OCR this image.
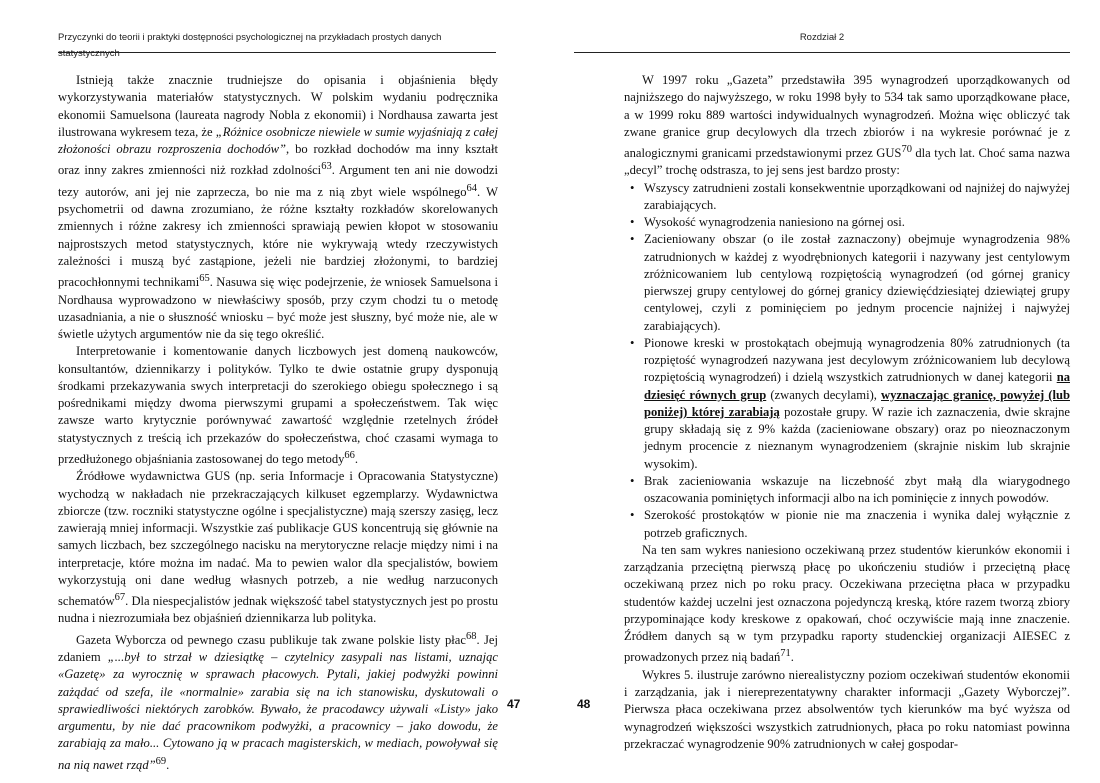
Przyczynki do teorii i praktyki dostępności psychologicznej na przykładach prostych danych statystycznych

Istnieją także znacznie trudniejsze do opisania i objaśnienia błędy wykorzystywania materiałów statystycznych. W polskim wydaniu podręcznika ekonomii Samuelsona (laureata nagrody Nobla z ekonomii) i Nordhausa zawarta jest ilustrowana wykresem teza, że „Różnice osobnicze niewiele w sumie wyjaśniają z całej złożoności obrazu rozproszenia dochodów”, bo rozkład dochodów ma inny kształt oraz inny zakres zmienności niż rozkład zdolności$^{63}$. Argument ten ani nie dowodzi tezy autorów, ani jej nie zaprzecza, bo nie ma z nią zbyt wiele wspólnego$^{64}$. W psychometrii od dawna zrozumiano, że różne kształty rozkładów skorelowanych zmiennych i różne zakresy ich zmienności sprawiają pewien kłopot w stosowaniu najprostszych metod statystycznych, które nie wykrywają wtedy rzeczywistych zależności i muszą być zastąpione, jeżeli nie bardziej złożonymi, to bardziej pracochłonnymi technikami$^{65}$. Nasuwa się więc podejrzenie, że wniosek Samuelsona i Nordhausa wyprowadzono w niewłaściwy sposób, przy czym chodzi tu o metodę uzasadniania, a nie o słuszność wniosku – być może jest słuszny, być może nie, ale w świetle użytych argumentów nie da się tego określić.

Interpretowanie i komentowanie danych liczbowych jest domeną naukowców, konsultantów, dziennikarzy i polityków. Tylko te dwie ostatnie grupy dysponują środkami przekazywania swych interpretacji do szerokiego obiegu społecznego i są pośrednikami między dwoma pierwszymi grupami a społeczeństwem. Tak więc zawsze warto krytycznie porównywać zawartość względnie rzetelnych źródeł statystycznych z treścią ich przekazów do społeczeństwa, choć czasami wymaga to przedłużonego objaśniania zastosowanej do tego metody$^{66}$.

Źródłowe wydawnictwa GUS (np. seria Informacje i Opracowania Statystyczne) wychodzą w nakładach nie przekraczających kilkuset egzemplarzy. Wydawnictwa zbiorcze (tzw. roczniki statystyczne ogólne i specjalistyczne) mają szerszy zasięg, lecz zawierają mniej informacji. Wszystkie zaś publikacje GUS koncentrują się głównie na samych liczbach, bez szczególnego nacisku na merytoryczne relacje między nimi i na interpretacje, które można im nadać. Ma to pewien walor dla specjalistów, bowiem wykorzystują oni dane według własnych potrzeb, a nie według narzuconych schematów$^{67}$. Dla niespecjalistów jednak większość tabel statystycznych jest po prostu nudna i niezrozumiała bez objaśnień dziennikarza lub polityka.

Gazeta Wyborcza od pewnego czasu publikuje tak zwane polskie listy płac$^{68}$. Jej zdaniem „...był to strzał w dziesiątkę – czytelnicy zasypali nas listami, uznając «Gazetę» za wyrocznię w sprawach płacowych. Pytali, jakiej podwyżki powinni zażądać od szefa, ile «normalnie» zarabia się na ich stanowisku, dyskutowali o sprawiedliwości niektórych zarobków. Bywało, że pracodawcy używali «Listy» jako argumentu, by nie dać pracownikom podwyżki, a pracownicy – jako dowodu, że zarabiają za mało... Cytowano ją w pracach magisterskich, w mediach, powoływał się na nią nawet rząd”$^{69}$.

47
Rozdział 2

W 1997 roku „Gazeta” przedstawiła 395 wynagrodzeń uporządkowanych od najniższego do najwyższego, w roku 1998 były to 534 tak samo uporządkowane płace, a w 1999 roku 889 wartości indywidualnych wynagrodzeń. Można więc obliczyć tak zwane granice grup decylowych dla trzech zbiorów i na wykresie porównać je z analogicznymi granicami przedstawionymi przez GUS$^{70}$ dla tych lat. Choć sama nazwa „decyl” trochę odstrasza, to jej sens jest bardzo prosty:

• Wszyscy zatrudnieni zostali konsekwentnie uporządkowani od najniżej do najwyżej zarabiających.
• Wysokość wynagrodzenia naniesiono na górnej osi.
• Zacieniowany obszar (o ile został zaznaczony) obejmuje wynagrodzenia 98% zatrudnionych w każdej z wyodrębnionych kategorii i nazywany jest centylowym zróżnicowaniem lub centylową rozpiętością wynagrodzeń (od górnej granicy pierwszej grupy centylowej do górnej granicy dziewięćdziesiątej dziewiątej grupy centylowej, czyli z pominięciem po jednym procencie najniżej i najwyżej zarabiających).
• Pionowe kreski w prostokątach obejmują wynagrodzenia 80% zatrudnionych (ta rozpiętość wynagrodzeń nazywana jest decylowym zróżnicowaniem lub decylową rozpiętością wynagrodzeń) i dzielą wszystkich zatrudnionych w danej kategorii na dziesięć równych grup (zwanych decylami), wyznaczając granicę, powyżej (lub poniżej) której zarabiają pozostałe grupy. W razie ich zaznaczenia, dwie skrajne grupy składają się z 9% każda (zacieniowane obszary) oraz po nieoznaczonym jednym procencie z nieznanym wynagrodzeniem (skrajnie niskim lub skrajnie wysokim).
• Brak zacieniowania wskazuje na liczebność zbyt małą dla wiarygodnego oszacowania pominiętych informacji albo na ich pominięcie z innych powodów.
• Szerokość prostokątów w pionie nie ma znaczenia i wynika dalej wyłącznie z potrzeb graficznych.

Na ten sam wykres naniesiono oczekiwaną przez studentów kierunków ekonomii i zarządzania przeciętną pierwszą płacę po ukończeniu studiów i przeciętną płacę oczekiwaną przez nich po roku pracy. Oczekiwana przeciętna płaca w przypadku studentów każdej uczelni jest oznaczona pojedynczą kreską, które razem tworzą zbiory przypominające kody kreskowe z opakowań, choć oczywiście mają inne znaczenie. Źródłem danych są w tym przypadku raporty studenckiej organizacji AIESEC z prowadzonych przez nią badań$^{71}$.

Wykres 5. ilustruje zarówno nierealistyczny poziom oczekiwań studentów ekonomii i zarządzania, jak i niereprezentatywny charakter informacji „Gazety Wyborczej”. Pierwsza płaca oczekiwana przez absolwentów tych kierunków ma być wyższa od wynagrodzeń większości wszystkich zatrudnionych, płaca po roku natomiast powinna przekraczać wynagrodzenie 90% zatrudnionych w całej gospodar-

48
